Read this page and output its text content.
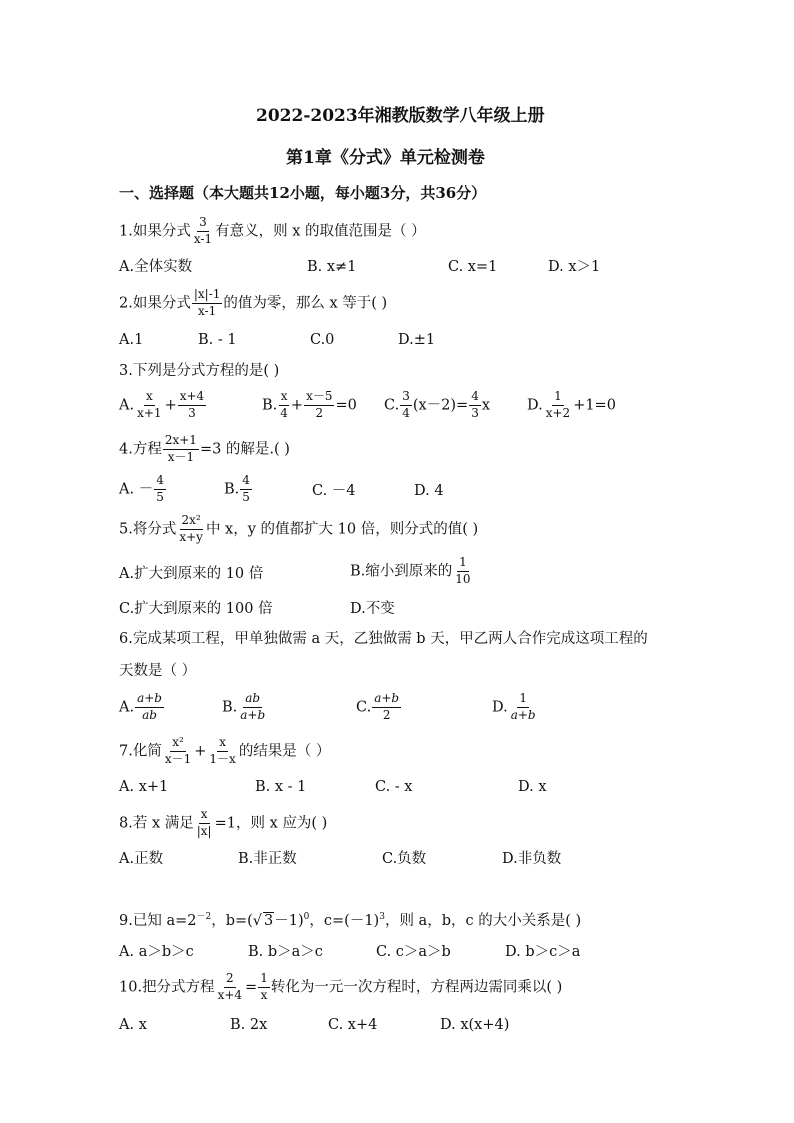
2022-2023年湘教版数学八年级上册
第1章《分式》单元检测卷
一、选择题（本大题共12小题，每小题3分，共36分）
1.如果分式 $\frac{3}{x-1}$ 有意义，则 x 的取值范围是（ ）
A.全体实数	B. x≠1	C. x=1	D. x＞1
2.如果分式 $\frac{|x|-1}{x-1}$ 的值为零，那么 x 等于( )
A.1	B. - 1	C.0	D.±1
3.下列是分式方程的是( )
A. $\frac{x}{x+1} + \frac{x+4}{3}$	B. $\frac{x}{4} + \frac{x-5}{2} =0$ C. $\frac{3}{4} (x-2)= \frac{4}{3}$ x	D. $\frac{1}{x+2} +1=0$
4.方程 $\frac{2x+1}{x-1} =3$ 的解是.( )
A. － $\frac{4}{5}$	B. $\frac{4}{5}$	C. －4	D. 4
5.将分式 $\frac{\text{2x²}}{x+y}$ 中 x，y 的值都扩大 10 倍，则分式的值( )
A.扩大到原来的 10 倍	B.缩小到原来的 $\frac{1}{10}$
C.扩大到原来的 100 倍	D.不变
6.完成某项工程，甲单独做需 a 天，乙独做需 b 天，甲乙两人合作完成这项工程的
天数是（ ）
A. $\frac{a+b}{ab}$	B. $\frac{ab}{a+b}$	C. $\frac{a+b}{2}$	D. $\frac{1}{a+b}$
7.化简 $\frac{\text{x²}}{x-1} + \frac{x}{1-x}$ 的结果是（ ）
A. x+1	B. x - 1	C. - x	D. x
8.若 x 满足 $\frac{x}{|x|} =1$，则 x 应为( )
A.正数	B.非正数	C.负数	D.非负数
9.已知 $a=2^{-2}$，b=(√ 3－1)$^0$，$c=(-1)^3$，则 a，b，c 的大小关系是( )
A. a＞b＞c	B. b＞a＞c	C. c＞a＞b	D. b＞c＞a
10.把分式方程 $\frac{2}{x+4} = \frac{1}{x}$ 转化为一元一次方程时，方程两边需同乘以( )
A. x	B. 2x	C. x+4	D. x(x+4)
